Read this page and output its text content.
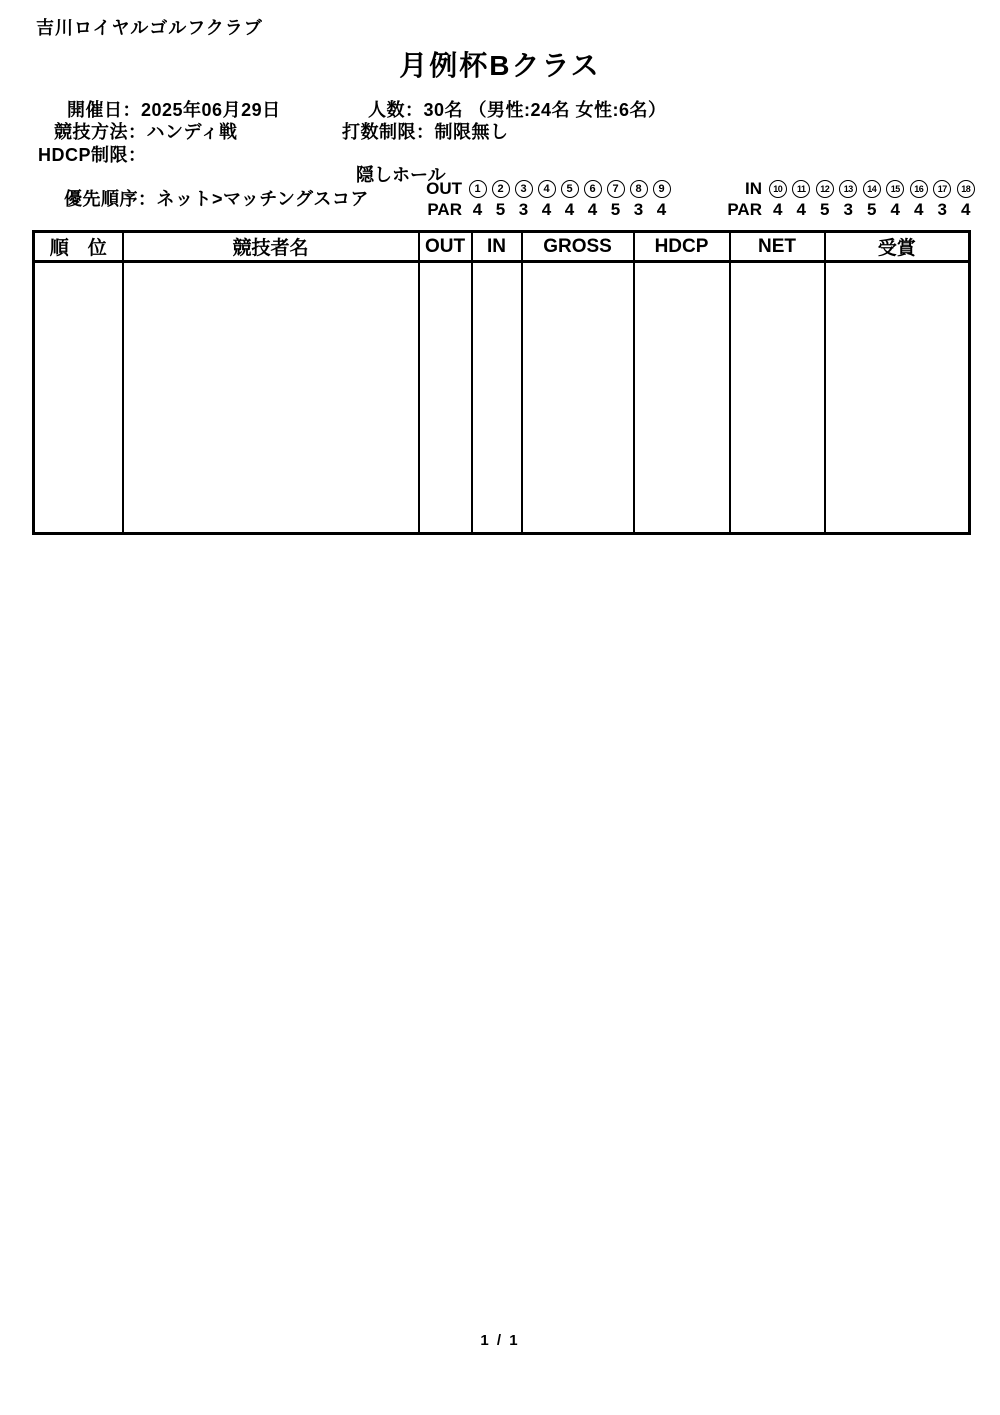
吉川ロイヤルゴルフクラブ
月例杯Bクラス
開催日：2025年06月29日	人数：30名 （男性:24名 女性:6名）
競技方法：ハンディ戦	打数制限：制限無し
HDCP制限：
優先順序：ネット>マッチングスコア
隠しホール
OUT	1	2	3	4	5	6	7	8	9
PAR 4 5 3 4 4 4 5 3 4
IN	10	11	12	13	14	15	16	17	18
PAR 4 4 5 3 5 4 4 3 4
順　位	競技者名	OUT	IN	GROSS	HDCP	NET	受賞

1 / 1
